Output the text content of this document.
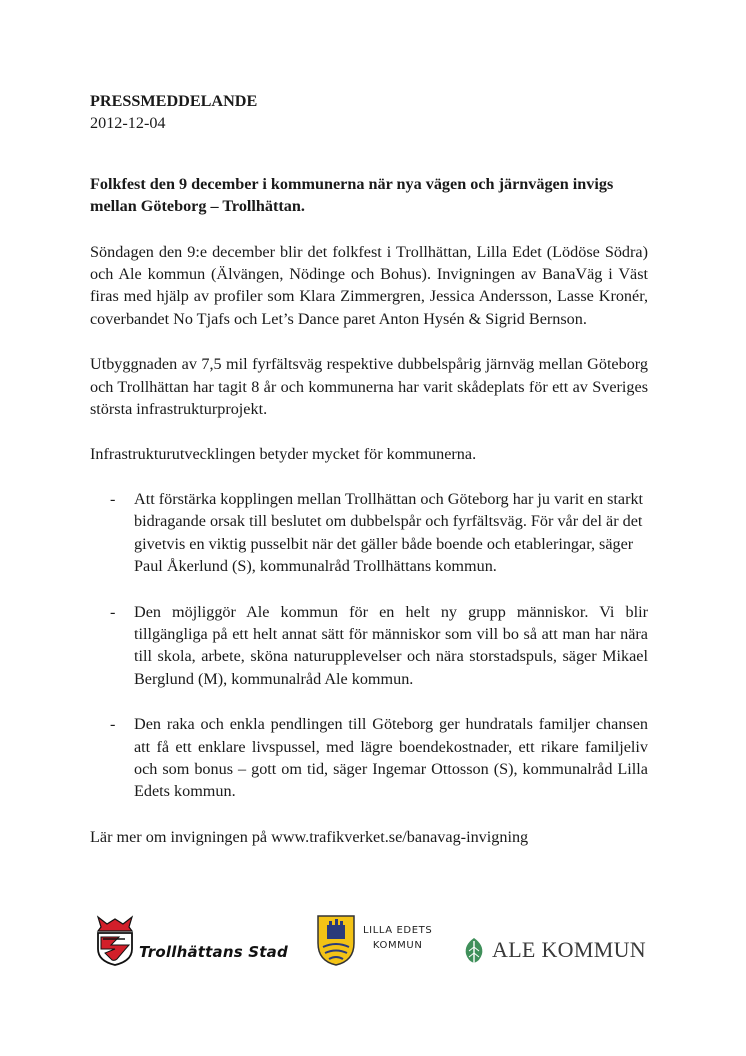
PRESSMEDDELANDE
2012-12-04

Folkfest den 9 december i kommunerna när nya vägen och järnvägen invigs mellan Göteborg – Trollhättan.

Söndagen den 9:e december blir det folkfest i Trollhättan, Lilla Edet (Lödöse Södra) och Ale kommun (Älvängen, Nödinge och Bohus). Invigningen av BanaVäg i Väst firas med hjälp av profiler som Klara Zimmergren, Jessica Andersson, Lasse Kronér, coverbandet No Tjafs och Let’s Dance paret Anton Hysén & Sigrid Bernson.

Utbyggnaden av 7,5 mil fyrfältsväg respektive dubbelspårig järnväg mellan Göteborg och Trollhättan har tagit 8 år och kommunerna har varit skådeplats för ett av Sveriges största infrastrukturprojekt.

Infrastrukturutvecklingen betyder mycket för kommunerna.

- Att förstärka kopplingen mellan Trollhättan och Göteborg har ju varit en starkt bidragande orsak till beslutet om dubbelspår och fyrfältsväg. För vår del är det givetvis en viktig pusselbit när det gäller både boende och etableringar, säger Paul Åkerlund (S), kommunalråd Trollhättans kommun.
- Den möjliggör Ale kommun för en helt ny grupp människor. Vi blir tillgängliga på ett helt annat sätt för människor som vill bo så att man har nära till skola, arbete, sköna naturupplevelser och nära storstadspuls, säger Mikael Berglund (M), kommunalråd Ale kommun.
- Den raka och enkla pendlingen till Göteborg ger hundratals familjer chansen att få ett enklare livspussel, med lägre boendekostnader, ett rikare familjeliv och som bonus – gott om tid, säger Ingemar Ottosson (S), kommunalråd Lilla Edets kommun.

Lär mer om invigningen på www.trafikverket.se/banavag-invigning

Trollhättans Stad
LILLA EDETS
KOMMUN	ALE KOMMUN
